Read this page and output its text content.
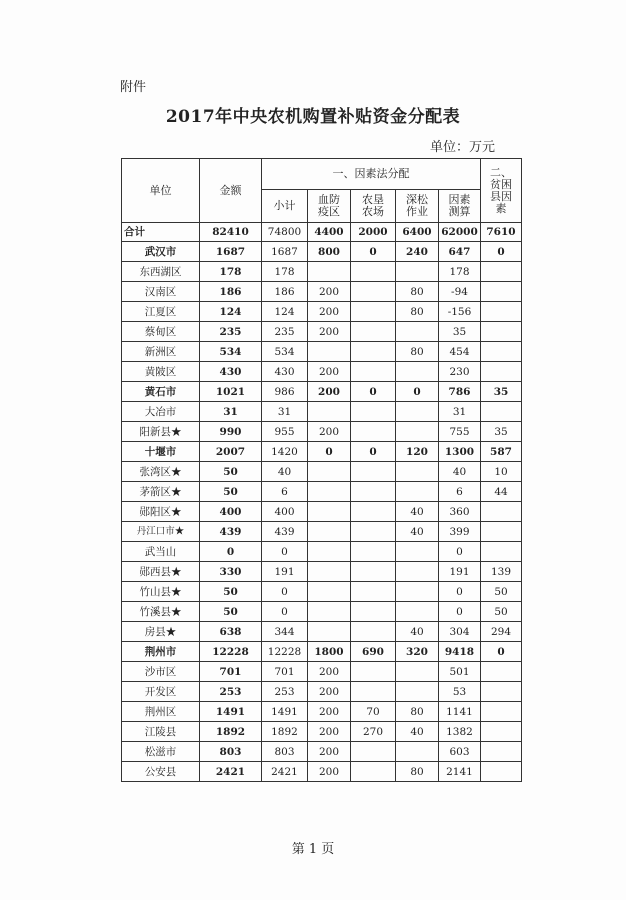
附件
2017年中央农机购置补贴资金分配表
单位：万元
单位	金额	一、因素法分配					二、贫困县因素
		小计	血防疫区	农垦农场	深松作业	因素测算	
合计	82410	74800	4400	2000	6400	62000	7610
武汉市	1687	1687	800	0	240	647	0
东西湖区	178	178				178	
汉南区	186	186	200		80	-94	
江夏区	124	124	200		80	-156	
蔡甸区	235	235	200			35	
新洲区	534	534			80	454	
黄陂区	430	430	200			230	
黄石市	1021	986	200	0	0	786	35
大冶市	31	31				31	
阳新县★	990	955	200			755	35
十堰市	2007	1420	0	0	120	1300	587
张湾区★	50	40				40	10
茅箭区★	50	6				6	44
郧阳区★	400	400			40	360	
丹江口市★	439	439			40	399	
武当山	0	0				0	
郧西县★	330	191				191	139
竹山县★	50	0				0	50
竹溪县★	50	0				0	50
房县★	638	344			40	304	294
荆州市	12228	12228	1800	690	320	9418	0
沙市区	701	701	200			501	
开发区	253	253	200			53	
荆州区	1491	1491	200	70	80	1141	
江陵县	1892	1892	200	270	40	1382	
松滋市	803	803	200			603	
公安县	2421	2421	200		80	2141	
第 1 页
